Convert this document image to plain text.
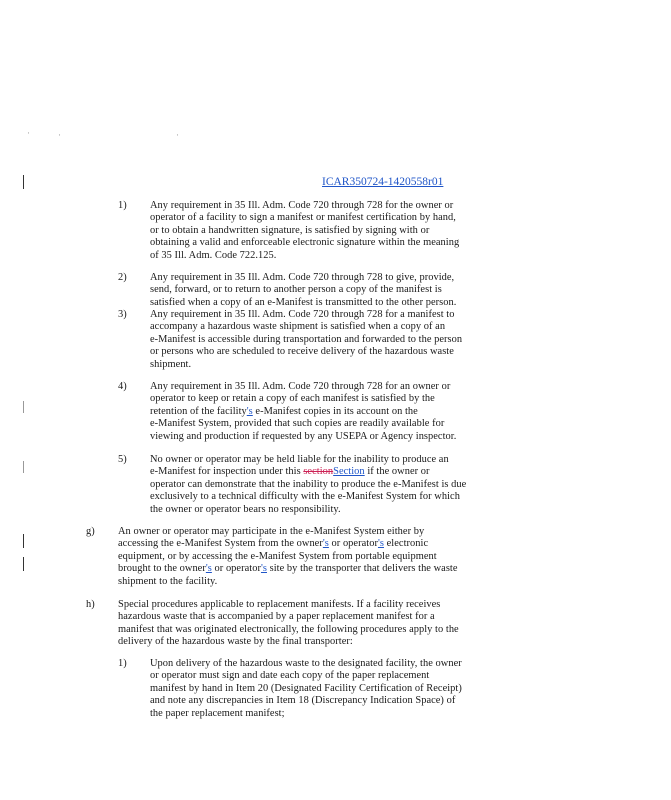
·	·	·
ICAR350724-1420558r01
1)	Any requirement in 35 Ill. Adm. Code 720 through 728 for the owner or
operator of a facility to sign a manifest or manifest certification by hand,
or to obtain a handwritten signature, is satisfied by signing with or
obtaining a valid and enforceable electronic signature within the meaning
of 35 Ill. Adm. Code 722.125.
2)	Any requirement in 35 Ill. Adm. Code 720 through 728 to give, provide,
send, forward, or to return to another person a copy of the manifest is
satisfied when a copy of an e-Manifest is transmitted to the other person.
3)	Any requirement in 35 Ill. Adm. Code 720 through 728 for a manifest to
accompany a hazardous waste shipment is satisfied when a copy of an
e-Manifest is accessible during transportation and forwarded to the person
or persons who are scheduled to receive delivery of the hazardous waste
shipment.
4)	Any requirement in 35 Ill. Adm. Code 720 through 728 for an owner or
operator to keep or retain a copy of each manifest is satisfied by the
retention of the facility's e-Manifest copies in its account on the
e-Manifest System, provided that such copies are readily available for
viewing and production if requested by any USEPA or Agency inspector.
5)	No owner or operator may be held liable for the inability to produce an
e-Manifest for inspection under this sectionSection if the owner or
operator can demonstrate that the inability to produce the e-Manifest is due
exclusively to a technical difficulty with the e-Manifest System for which
the owner or operator bears no responsibility.
g)	An owner or operator may participate in the e-Manifest System either by
accessing the e-Manifest System from the owner's or operator's electronic
equipment, or by accessing the e-Manifest System from portable equipment
brought to the owner's or operator's site by the transporter that delivers the waste
shipment to the facility.
h)	Special procedures applicable to replacement manifests. If a facility receives
hazardous waste that is accompanied by a paper replacement manifest for a
manifest that was originated electronically, the following procedures apply to the
delivery of the hazardous waste by the final transporter:
1)	Upon delivery of the hazardous waste to the designated facility, the owner
or operator must sign and date each copy of the paper replacement
manifest by hand in Item 20 (Designated Facility Certification of Receipt)
and note any discrepancies in Item 18 (Discrepancy Indication Space) of
the paper replacement manifest;
